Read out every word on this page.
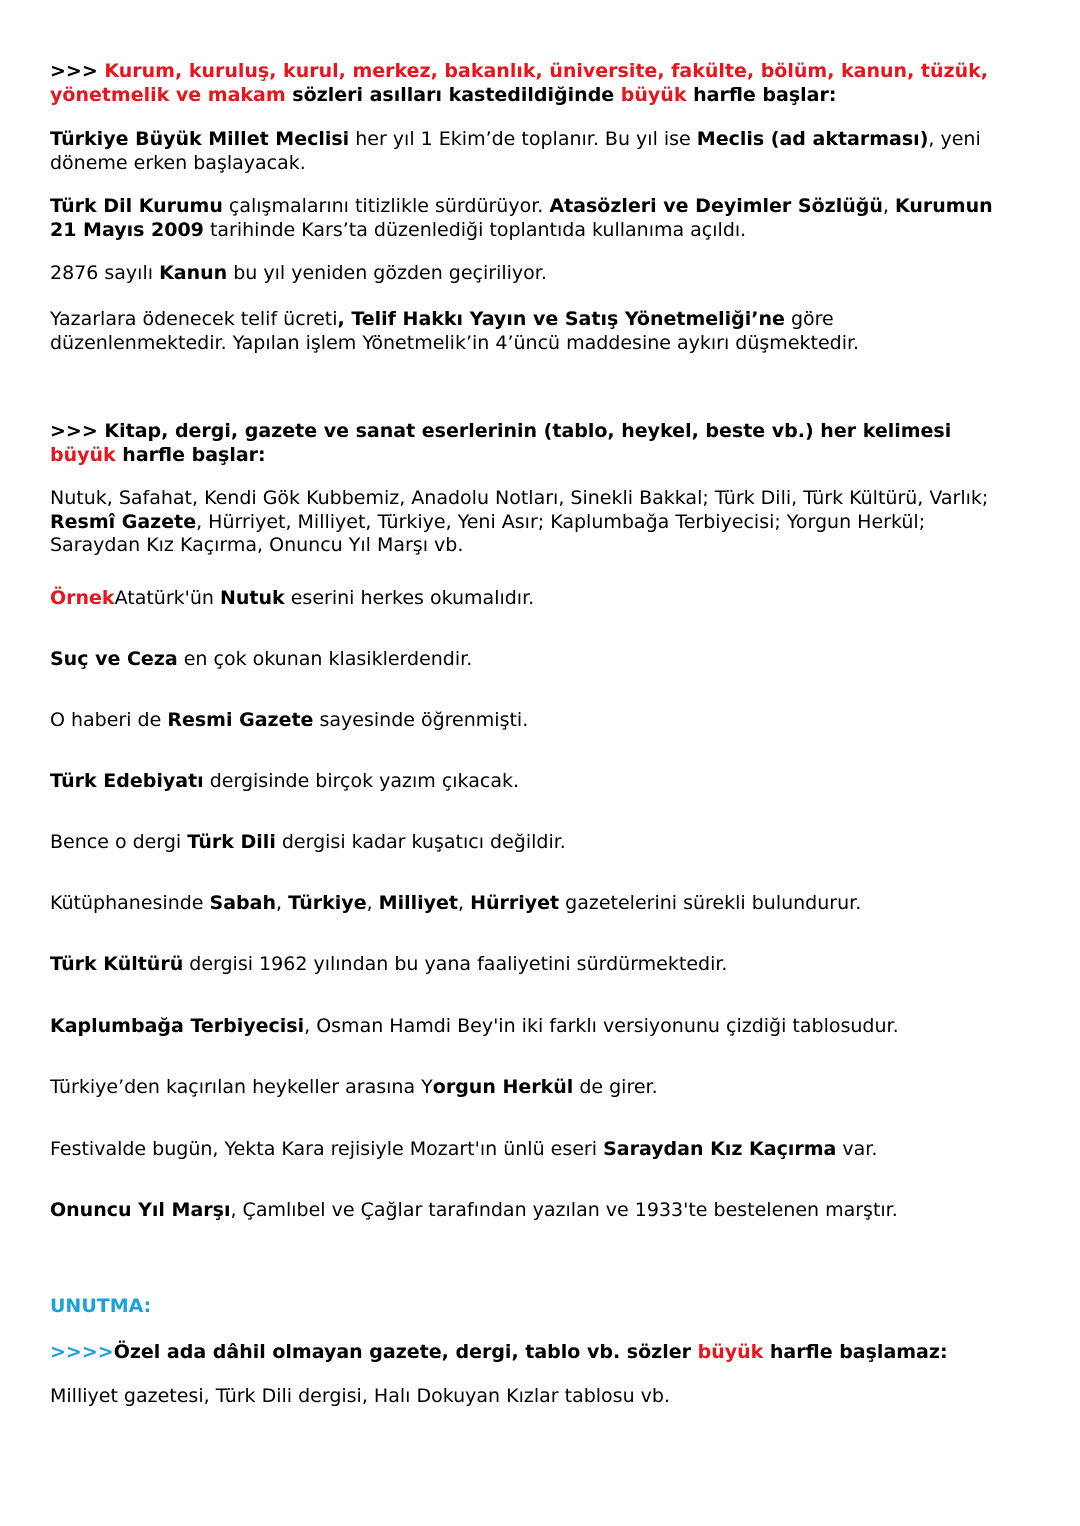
>>> Kurum, kuruluş, kurul, merkez, bakanlık, üniversite, fakülte, bölüm, kanun, tüzük,
yönetmelik ve makam sözleri asılları kastedildiğinde büyük harfle başlar:
Türkiye Büyük Millet Meclisi her yıl 1 Ekim’de toplanır. Bu yıl ise Meclis (ad aktarması), yeni
döneme erken başlayacak.
Türk Dil Kurumu çalışmalarını titizlikle sürdürüyor. Atasözleri ve Deyimler Sözlüğü, Kurumun
21 Mayıs 2009 tarihinde Kars’ta düzenlediği toplantıda kullanıma açıldı.
2876 sayılı Kanun bu yıl yeniden gözden geçiriliyor.
Yazarlara ödenecek telif ücreti, Telif Hakkı Yayın ve Satış Yönetmeliği’ne göre
düzenlenmektedir. Yapılan işlem Yönetmelik’in 4’üncü maddesine aykırı düşmektedir.
>>> Kitap, dergi, gazete ve sanat eserlerinin (tablo, heykel, beste vb.) her kelimesi
büyük harfle başlar:
Nutuk, Safahat, Kendi Gök Kubbemiz, Anadolu Notları, Sinekli Bakkal; Türk Dili, Türk Kültürü, Varlık;
Resmî Gazete, Hürriyet, Milliyet, Türkiye, Yeni Asır; Kaplumbağa Terbiyecisi; Yorgun Herkül;
Saraydan Kız Kaçırma, Onuncu Yıl Marşı vb.
ÖrnekAtatürk'ün Nutuk eserini herkes okumalıdır.
Suç ve Ceza en çok okunan klasiklerdendir.
O haberi de Resmi Gazete sayesinde öğrenmişti.
Türk Edebiyatı dergisinde birçok yazım çıkacak.
Bence o dergi Türk Dili dergisi kadar kuşatıcı değildir.
Kütüphanesinde Sabah, Türkiye, Milliyet, Hürriyet gazetelerini sürekli bulundurur.
Türk Kültürü dergisi 1962 yılından bu yana faaliyetini sürdürmektedir.
Kaplumbağa Terbiyecisi, Osman Hamdi Bey'in iki farklı versiyonunu çizdiği tablosudur.
Türkiye’den kaçırılan heykeller arasına Yorgun Herkül de girer.
Festivalde bugün, Yekta Kara rejisiyle Mozart'ın ünlü eseri Saraydan Kız Kaçırma var.
Onuncu Yıl Marşı, Çamlıbel ve Çağlar tarafından yazılan ve 1933'te bestelenen marştır.
UNUTMA:
>>>>Özel ada dâhil olmayan gazete, dergi, tablo vb. sözler büyük harfle başlamaz:
Milliyet gazetesi, Türk Dili dergisi, Halı Dokuyan Kızlar tablosu vb.
